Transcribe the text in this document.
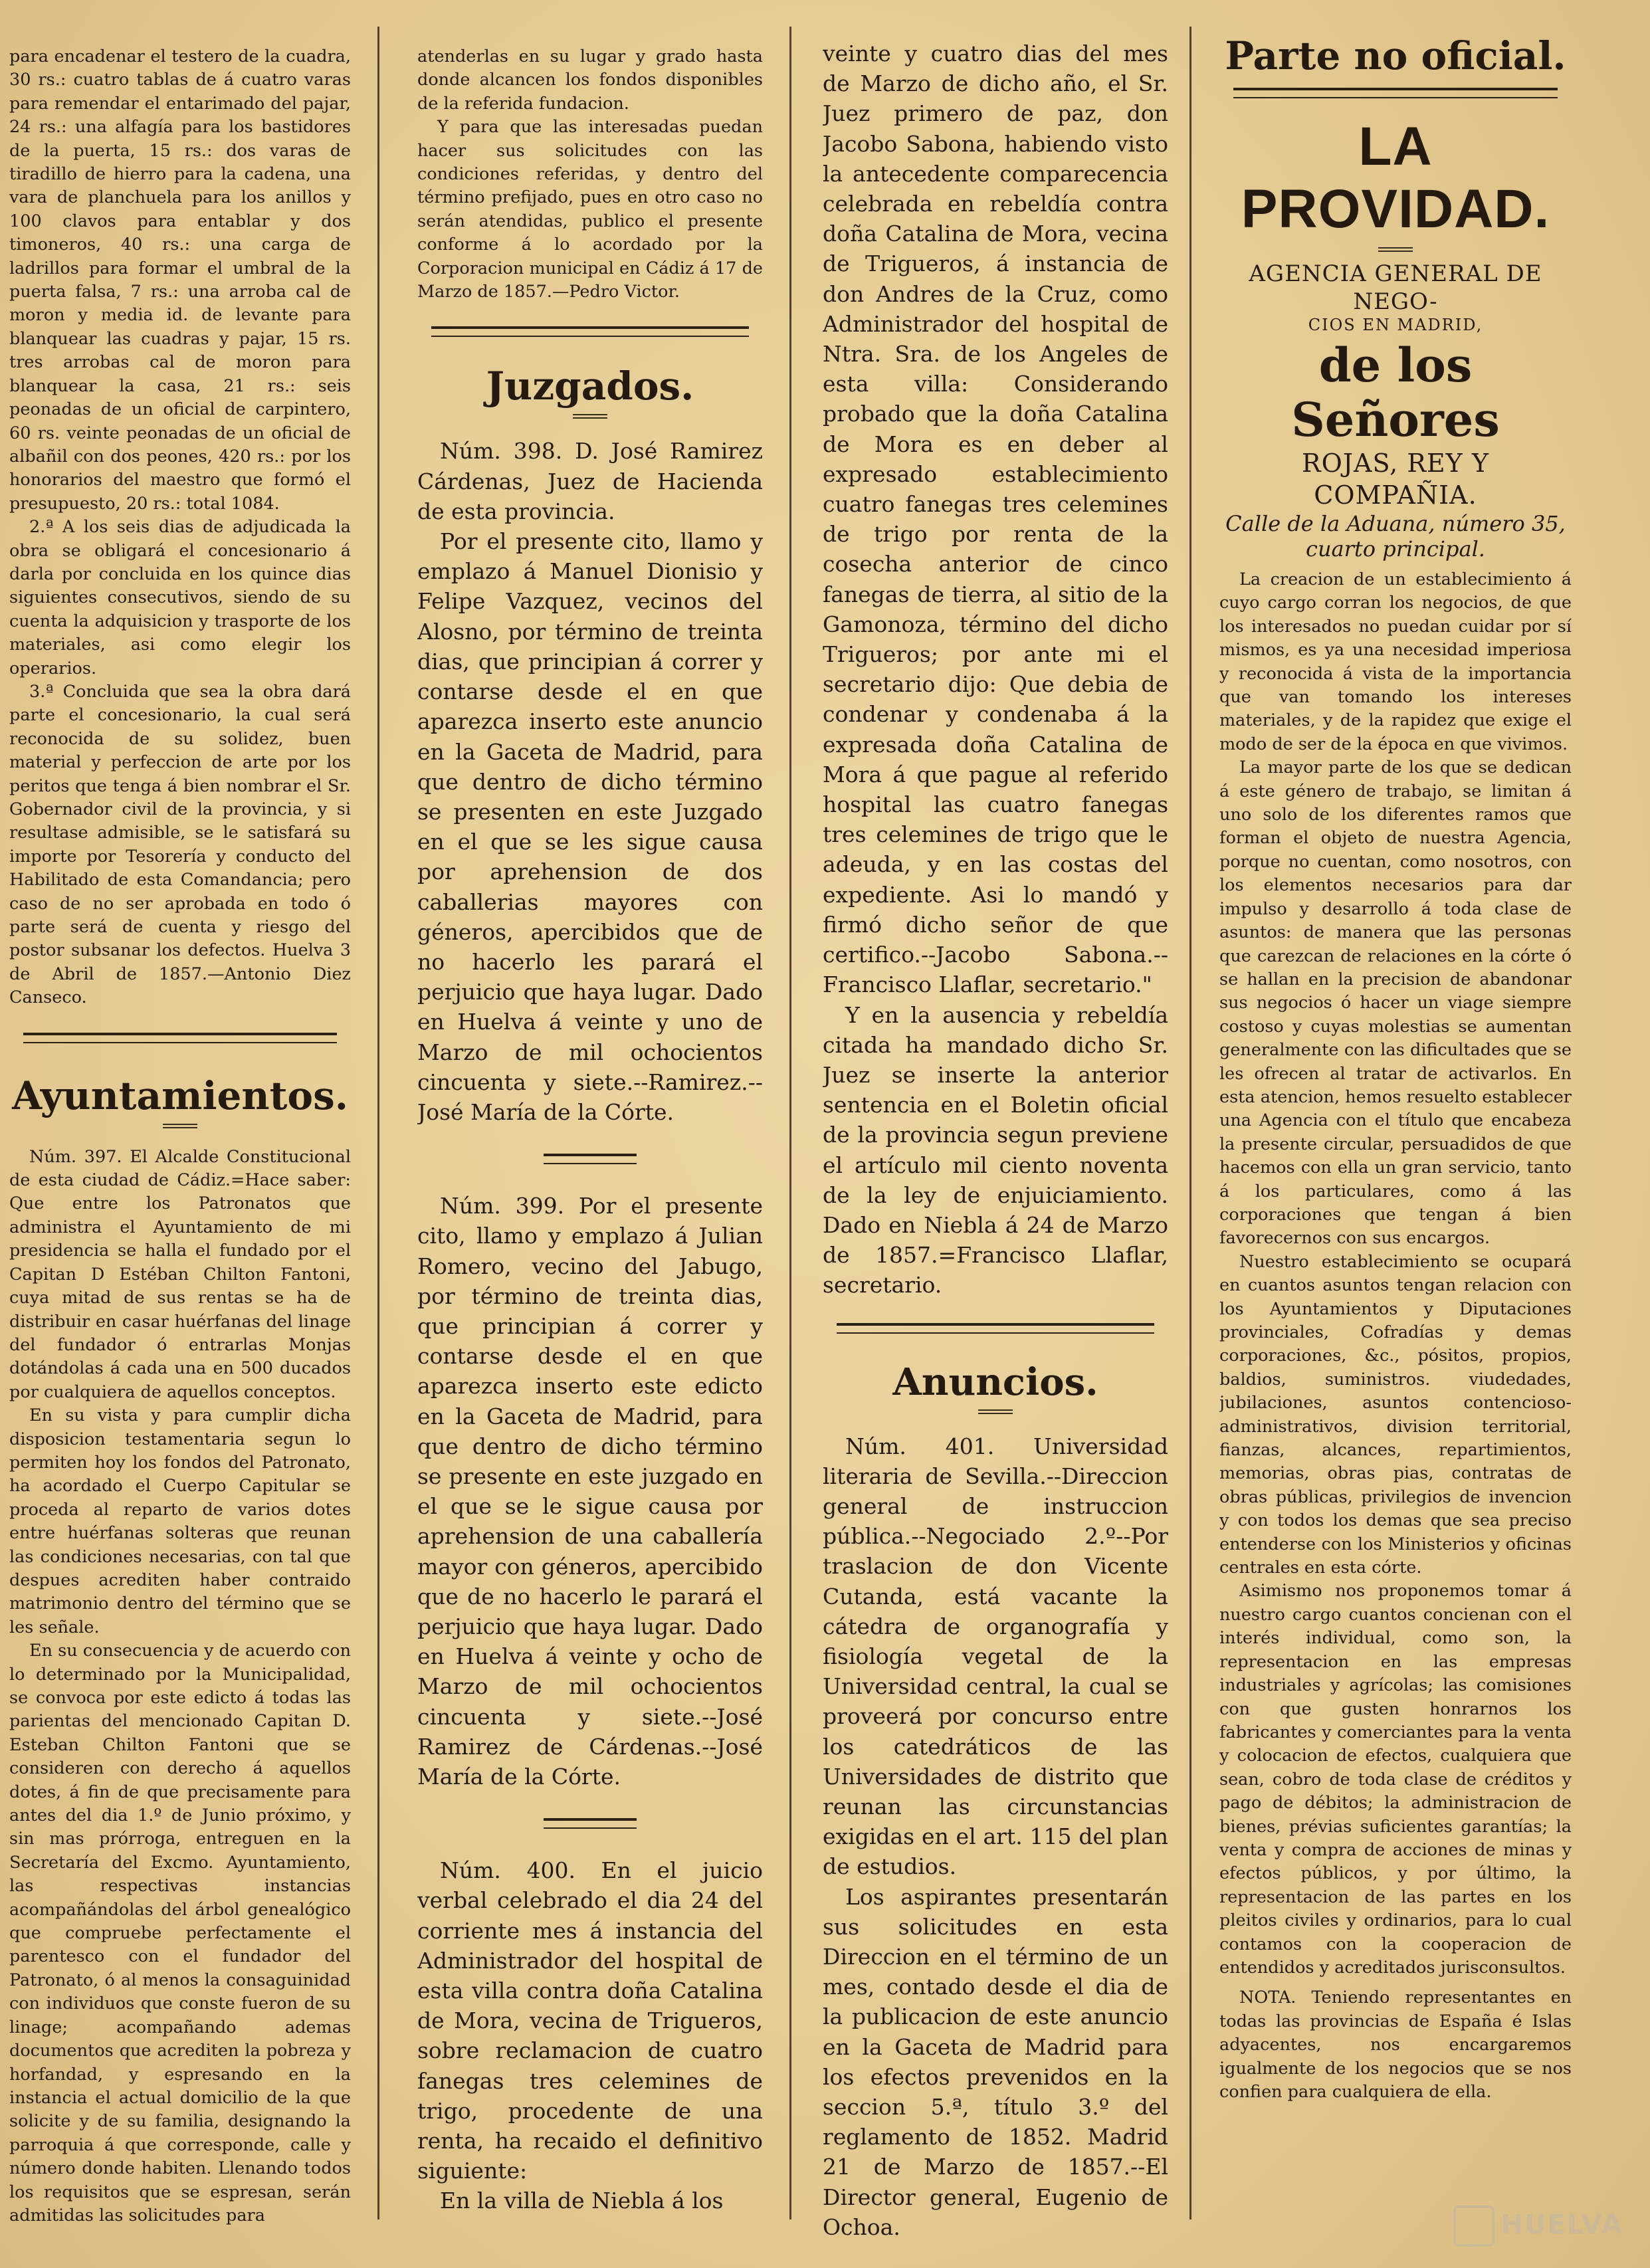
para encadenar el testero de la cuadra, 30 rs.: cuatro tablas de á cuatro varas para remendar el entarimado del pajar, 24 rs.: una alfagía para los bastidores de la puerta, 15 rs.: dos varas de tiradillo de hierro para la cadena, una vara de planchuela para los anillos y 100 clavos para entablar y dos timoneros, 40 rs.: una carga de ladrillos para formar el umbral de la puerta falsa, 7 rs.: una arroba cal de moron y media id. de levante para blanquear las cuadras y pajar, 15 rs. tres arrobas cal de moron para blanquear la casa, 21 rs.: seis peonadas de un oficial de carpintero, 60 rs. veinte peonadas de un oficial de albañil con dos peones, 420 rs.: por los honorarios del maestro que formó el presupuesto, 20 rs.: total 1084.

2.ª A los seis dias de adjudicada la obra se obligará el concesionario á darla por concluida en los quince dias siguientes consecutivos, siendo de su cuenta la adquisicion y trasporte de los materiales, asi como elegir los operarios.

3.ª Concluida que sea la obra dará parte el concesionario, la cual será reconocida de su solidez, buen material y perfeccion de arte por los peritos que tenga á bien nombrar el Sr. Gobernador civil de la provincia, y si resultase admisible, se le satisfará su importe por Tesorería y conducto del Habilitado de esta Comandancia; pero caso de no ser aprobada en todo ó parte será de cuenta y riesgo del postor subsanar los defectos. Huelva 3 de Abril de 1857.—Antonio Diez Canseco.

Ayuntamientos.

Núm. 397. El Alcalde Constitucional de esta ciudad de Cádiz.=Hace saber: Que entre los Patronatos que administra el Ayuntamiento de mi presidencia se halla el fundado por el Capitan D Estéban Chilton Fantoni, cuya mitad de sus rentas se ha de distribuir en casar huérfanas del linage del fundador ó entrarlas Monjas dotándolas á cada una en 500 ducados por cualquiera de aquellos conceptos.

En su vista y para cumplir dicha disposicion testamentaria segun lo permiten hoy los fondos del Patronato, ha acordado el Cuerpo Capitular se proceda al reparto de varios dotes entre huérfanas solteras que reunan las condiciones necesarias, con tal que despues acrediten haber contraido matrimonio dentro del término que se les señale.

En su consecuencia y de acuerdo con lo determinado por la Municipalidad, se convoca por este edicto á todas las parientas del mencionado Capitan D. Esteban Chilton Fantoni que se consideren con derecho á aquellos dotes, á fin de que precisamente para antes del dia 1.º de Junio próximo, y sin mas prórroga, entreguen en la Secretaría del Excmo. Ayuntamiento, las respectivas instancias acompañándolas del árbol genealógico que compruebe perfectamente el parentesco con el fundador del Patronato, ó al menos la consaguinidad con individuos que conste fueron de su linage; acompañando ademas documentos que acrediten la pobreza y horfandad, y espresando en la instancia el actual domicilio de la que solicite y de su familia, designando la parroquia á que corresponde, calle y número donde habiten. Llenando todos los requisitos que se espresan, serán admitidas las solicitudes para

atenderlas en su lugar y grado hasta donde alcancen los fondos disponibles de la referida fundacion.

Y para que las interesadas puedan hacer sus solicitudes con las condiciones referidas, y dentro del término prefijado, pues en otro caso no serán atendidas, publico el presente conforme á lo acordado por la Corporacion municipal en Cádiz á 17 de Marzo de 1857.—Pedro Victor.

Juzgados.

Núm. 398. D. José Ramirez Cárdenas, Juez de Hacienda de esta provincia.

Por el presente cito, llamo y emplazo á Manuel Dionisio y Felipe Vazquez, vecinos del Alosno, por término de treinta dias, que principian á correr y contarse desde el en que aparezca inserto este anuncio en la Gaceta de Madrid, para que dentro de dicho término se presenten en este Juzgado en el que se les sigue causa por aprehension de dos caballerias mayores con géneros, apercibidos que de no hacerlo les parará el perjuicio que haya lugar. Dado en Huelva á veinte y uno de Marzo de mil ochocientos cincuenta y siete.--Ramirez.--José María de la Córte.

Núm. 399. Por el presente cito, llamo y emplazo á Julian Romero, vecino del Jabugo, por término de treinta dias, que principian á correr y contarse desde el en que aparezca inserto este edicto en la Gaceta de Madrid, para que dentro de dicho término se presente en este juzgado en el que se le sigue causa por aprehension de una caballería mayor con géneros, apercibido que de no hacerlo le parará el perjuicio que haya lugar. Dado en Huelva á veinte y ocho de Marzo de mil ochocientos cincuenta y siete.--José Ramirez de Cárdenas.--José María de la Córte.

Núm. 400. En el juicio verbal celebrado el dia 24 del corriente mes á instancia del Administrador del hospital de esta villa contra doña Catalina de Mora, vecina de Trigueros, sobre reclamacion de cuatro fanegas tres celemines de trigo, procedente de una renta, ha recaido el definitivo siguiente:

En la villa de Niebla á los

veinte y cuatro dias del mes de Marzo de dicho año, el Sr. Juez primero de paz, don Jacobo Sabona, habiendo visto la antecedente comparecencia celebrada en rebeldía contra doña Catalina de Mora, vecina de Trigueros, á instancia de don Andres de la Cruz, como Administrador del hospital de Ntra. Sra. de los Angeles de esta villa: Considerando probado que la doña Catalina de Mora es en deber al expresado establecimiento cuatro fanegas tres celemines de trigo por renta de la cosecha anterior de cinco fanegas de tierra, al sitio de la Gamonoza, término del dicho Trigueros; por ante mi el secretario dijo: Que debia de condenar y condenaba á la expresada doña Catalina de Mora á que pague al referido hospital las cuatro fanegas tres celemines de trigo que le adeuda, y en las costas del expediente. Asi lo mandó y firmó dicho señor de que certifico.--Jacobo Sabona.--Francisco Llaflar, secretario."

Y en la ausencia y rebeldía citada ha mandado dicho Sr. Juez se inserte la anterior sentencia en el Boletin oficial de la provincia segun previene el artículo mil ciento noventa de la ley de enjuiciamiento. Dado en Niebla á 24 de Marzo de 1857.=Francisco Llaflar, secretario.

Anuncios.

Núm. 401. Universidad literaria de Sevilla.--Direccion general de instruccion pública.--Negociado 2.º--Por traslacion de don Vicente Cutanda, está vacante la cátedra de organografía y fisiología vegetal de la Universidad central, la cual se proveerá por concurso entre los catedráticos de las Universidades de distrito que reunan las circunstancias exigidas en el art. 115 del plan de estudios.

Los aspirantes presentarán sus solicitudes en esta Direccion en el término de un mes, contado desde el dia de la publicacion de este anuncio en la Gaceta de Madrid para los efectos prevenidos en la seccion 5.ª, título 3.º del reglamento de 1852. Madrid 21 de Marzo de 1857.--El Director general, Eugenio de Ochoa.

Parte no oficial.

LA PROVIDAD.

AGENCIA GENERAL DE NEGO-

CIOS EN MADRID,

de los Señores

ROJAS, REY Y COMPAÑIA.

Calle de la Aduana, número 35,

cuarto principal.

La creacion de un establecimiento á cuyo cargo corran los negocios, de que los interesados no puedan cuidar por sí mismos, es ya una necesidad imperiosa y reconocida á vista de la importancia que van tomando los intereses materiales, y de la rapidez que exige el modo de ser de la época en que vivimos.

La mayor parte de los que se dedican á este género de trabajo, se limitan á uno solo de los diferentes ramos que forman el objeto de nuestra Agencia, porque no cuentan, como nosotros, con los elementos necesarios para dar impulso y desarrollo á toda clase de asuntos: de manera que las personas que carezcan de relaciones en la córte ó se hallan en la precision de abandonar sus negocios ó hacer un viage siempre costoso y cuyas molestias se aumentan generalmente con las dificultades que se les ofrecen al tratar de activarlos. En esta atencion, hemos resuelto establecer una Agencia con el título que encabeza la presente circular, persuadidos de que hacemos con ella un gran servicio, tanto á los particulares, como á las corporaciones que tengan á bien favorecernos con sus encargos.

Nuestro establecimiento se ocupará en cuantos asuntos tengan relacion con los Ayuntamientos y Diputaciones provinciales, Cofradías y demas corporaciones, &c., pósitos, propios, baldios, suministros. viudedades, jubilaciones, asuntos contencioso-administrativos, division territorial, fianzas, alcances, repartimientos, memorias, obras pias, contratas de obras públicas, privilegios de invencion y con todos los demas que sea preciso entenderse con los Ministerios y oficinas centrales en esta córte.

Asimismo nos proponemos tomar á nuestro cargo cuantos concienan con el interés individual, como son, la representacion en las empresas industriales y agrícolas; las comisiones con que gusten honrarnos los fabricantes y comerciantes para la venta y colocacion de efectos, cualquiera que sean, cobro de toda clase de créditos y pago de débitos; la administracion de bienes, prévias suficientes garantías; la venta y compra de acciones de minas y efectos públicos, y por último, la representacion de las partes en los pleitos civiles y ordinarios, para lo cual contamos con la cooperacion de entendidos y acreditados jurisconsultos.

NOTA. Teniendo representantes en todas las provincias de España é Islas adyacentes, nos encargaremos igualmente de los negocios que se nos confien para cualquiera de ella.

HUELVA
